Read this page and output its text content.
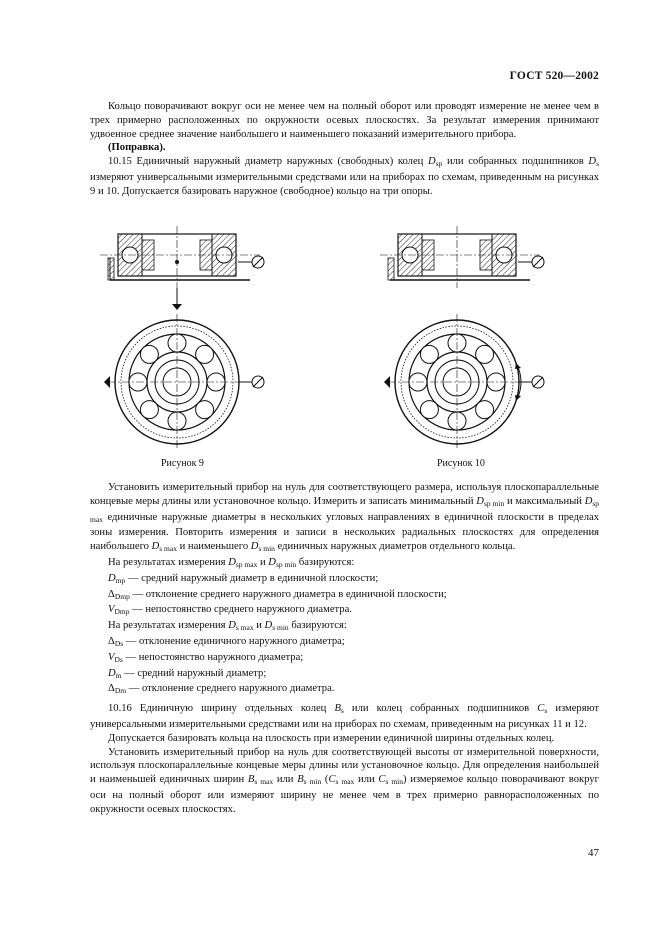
ГОСТ 520—2002

Кольцо поворачивают вокруг оси не менее чем на полный оборот или проводят измерение не менее чем в трех примерно расположенных по окружности осевых плоскостях. За результат измерения принимают удвоенное среднее значение наибольшего и наименьшего показаний измерительного прибора.

(Поправка).

10.15 Единичный наружный диаметр наружных (свободных) колец $D_{sp}$ или собранных подшипников $D_s$ измеряют универсальными измерительными средствами или на приборах по схемам, приведенным на рисунках 9 и 10. Допускается базировать наружное (свободное) кольцо на три опоры.

Рисунок 9	Рисунок 10

Установить измерительный прибор на нуль для соответствующего размера, используя плоскопараллельные концевые меры длины или установочное кольцо. Измерить и записать минимальный $D_{sp min}$ и максимальный $D_{sp max}$ единичные наружные диаметры в нескольких угловых направлениях в единичной плоскости в пределах зоны измерения. Повторить измерения и записи в нескольких радиальных плоскостях для определения наибольшего $D_{s max}$ и наименьшего $D_{s min}$ единичных наружных диаметров отдельного кольца.

На результатах измерения $D_{sp max}$ и $D_{sp min}$ базируются:

$D_{mp}$ — средний наружный диаметр в единичной плоскости;

$\Delta_{Dmp}$ — отклонение среднего наружного диаметра в единичной плоскости;

$V_{Dmp}$ — непостоянство среднего наружного диаметра.

На результатах измерения $D_{s max}$ и $D_{s min}$ базируются:

$\Delta_{Ds}$ — отклонение единичного наружного диаметра;

$V_{Ds}$ — непостоянство наружного диаметра;

$D_m$ — средний наружный диаметр;

$\Delta_{Dm}$ — отклонение среднего наружного диаметра.

10.16 Единичную ширину отдельных колец $B_s$ или колец собранных подшипников $C_s$ измеряют универсальными измерительными средствами или на приборах по схемам, приведенным на рисунках 11 и 12.

Допускается базировать кольца на плоскость при измерении единичной ширины отдельных колец.

Установить измерительный прибор на нуль для соответствующей высоты от измерительной поверхности, используя плоскопараллельные концевые меры длины или установочное кольцо. Для определения наибольшей и наименьшей единичных ширин $B_{s max}$ или $B_{s min}$ ($C_{s max}$ или $C_{s min}$) измеряемое кольцо поворачивают вокруг оси на полный оборот или измеряют ширину не менее чем в трех примерно равнорасположенных по окружности осевых плоскостях.

47
